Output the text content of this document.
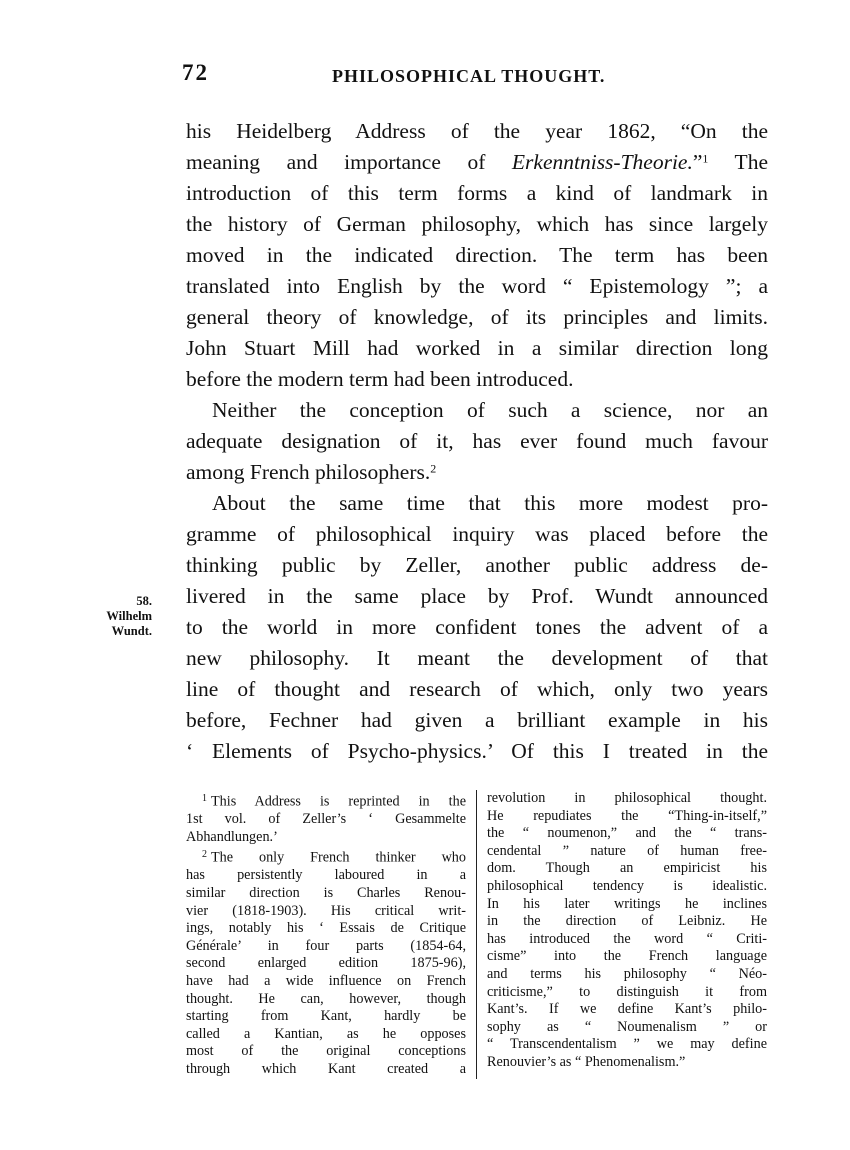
72	PHILOSOPHICAL THOUGHT.
58.
Wilhelm
Wundt.

his Heidelberg Address of the year 1862, “On the
meaning and importance of Erkenntniss-Theorie.”$^1$ The
introduction of this term forms a kind of landmark in
the history of German philosophy, which has since largely
moved in the indicated direction. The term has been
translated into English by the word “ Epistemology ”; a
general theory of knowledge, of its principles and limits.
John Stuart Mill had worked in a similar direction long
before the modern term had been introduced.

Neither the conception of such a science, nor an
adequate designation of it, has ever found much favour
among French philosophers.$^2$

About the same time that this more modest pro-
gramme of philosophical inquiry was placed before the
thinking public by Zeller, another public address de-
livered in the same place by Prof. Wundt announced
to the world in more confident tones the advent of a
new philosophy. It meant the development of that
line of thought and research of which, only two years
before, Fechner had given a brilliant example in his
‘ Elements of Psycho-physics.’ Of this I treated in the

$^1$ This Address is reprinted in the
1st vol. of Zeller’s ‘ Gesammelte
Abhandlungen.’
$^2$ The only French thinker who
has persistently laboured in a
similar direction is Charles Renou-
vier (1818-1903). His critical writ-
ings, notably his ‘ Essais de Critique
Générale’ in four parts (1854-64,
second enlarged edition 1875-96),
have had a wide influence on French
thought. He can, however, though
starting from Kant, hardly be
called a Kantian, as he opposes
most of the original conceptions
through which Kant created a
revolution in philosophical thought.
He repudiates the “Thing-in-itself,”
the “ noumenon,” and the “ trans-
cendental ” nature of human free-
dom. Though an empiricist his
philosophical tendency is idealistic.
In his later writings he inclines
in the direction of Leibniz. He
has introduced the word “ Criti-
cisme” into the French language
and terms his philosophy “ Néo-
criticisme,” to distinguish it from
Kant’s. If we define Kant’s philo-
sophy as “ Noumenalism ” or
“ Transcendentalism ” we may define
Renouvier’s as “ Phenomenalism.”
